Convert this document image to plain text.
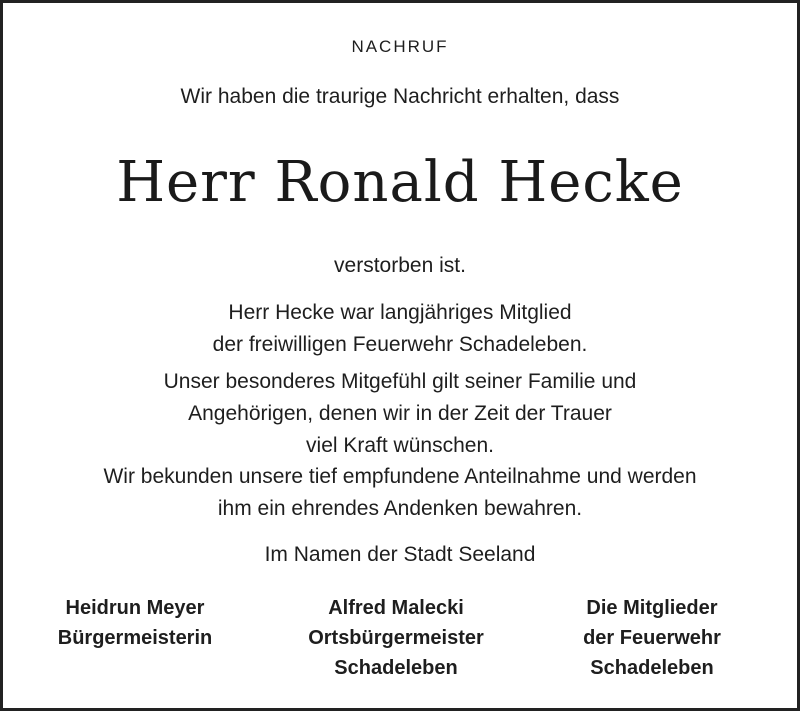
NACHRUF
Wir haben die traurige Nachricht erhalten, dass
Herr Ronald Hecke
verstorben ist.
Herr Hecke war langjähriges Mitglied
der freiwilligen Feuerwehr Schadeleben.
Unser besonderes Mitgefühl gilt seiner Familie und
Angehörigen, denen wir in der Zeit der Trauer
viel Kraft wünschen.
Wir bekunden unsere tief empfundene Anteilnahme und werden
ihm ein ehrendes Andenken bewahren.
Im Namen der Stadt Seeland
Heidrun Meyer
Bürgermeisterin
Alfred Malecki
Ortsbürgermeister
Schadeleben
Die Mitglieder
der Feuerwehr
Schadeleben
